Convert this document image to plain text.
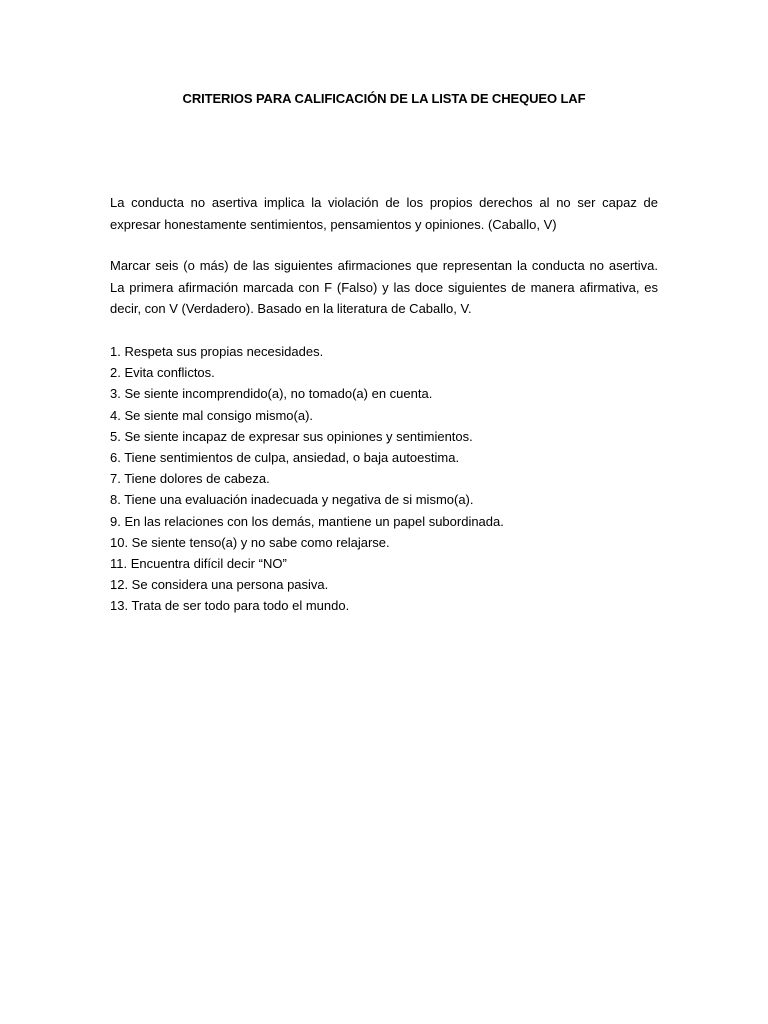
CRITERIOS PARA CALIFICACIÓN DE LA LISTA DE CHEQUEO LAF

La conducta no asertiva implica la violación de los propios derechos al no ser capaz de expresar honestamente sentimientos, pensamientos y opiniones. (Caballo, V)

Marcar seis (o más) de las siguientes afirmaciones que representan la conducta no asertiva. La primera afirmación marcada con F (Falso) y las doce siguientes de manera afirmativa, es decir, con V (Verdadero). Basado en la literatura de Caballo, V.

1. Respeta sus propias necesidades.
2. Evita conflictos.
3. Se siente incomprendido(a), no tomado(a) en cuenta.
4. Se siente mal consigo mismo(a).
5. Se siente incapaz de expresar sus opiniones y sentimientos.
6. Tiene sentimientos de culpa, ansiedad, o baja autoestima.
7. Tiene dolores de cabeza.
8. Tiene una evaluación inadecuada y negativa de si mismo(a).
9. En las relaciones con los demás, mantiene un papel subordinada.
10. Se siente tenso(a) y no sabe como relajarse.
11. Encuentra difícil decir “NO”
12. Se considera una persona pasiva.
13. Trata de ser todo para todo el mundo.
